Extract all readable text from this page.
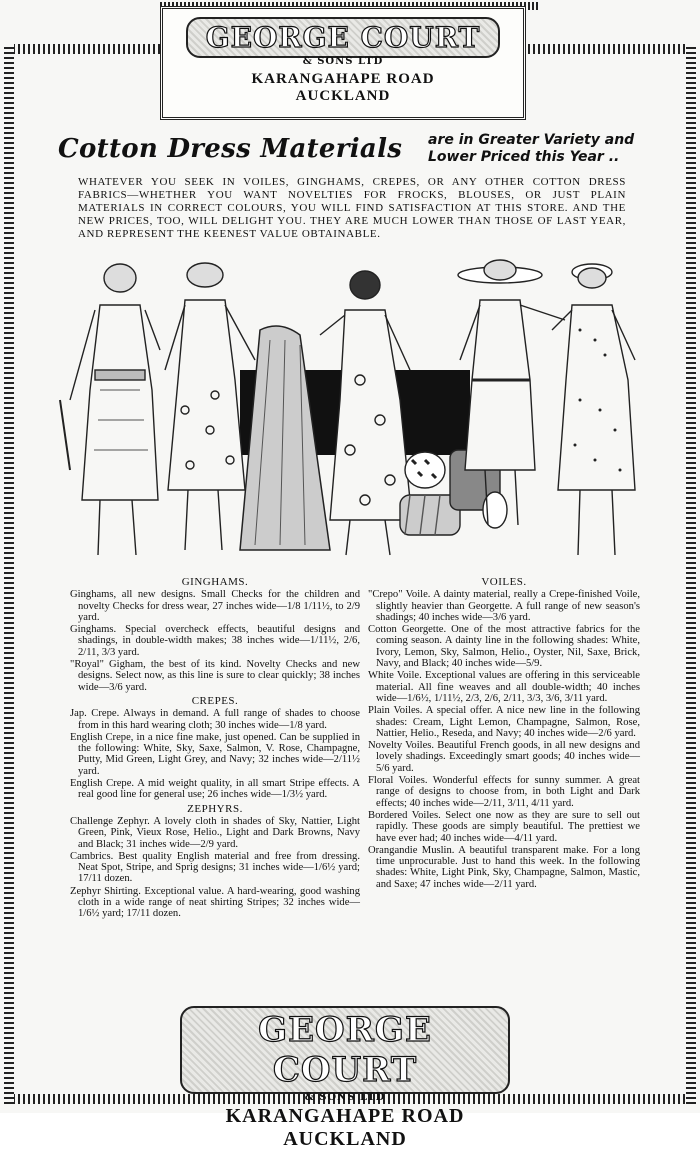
GEORGE COURT
& SONS LTD
KARANGAHAPE ROAD
AUCKLAND
Cotton Dress Materials are in Greater Variety and Lower Priced this Year ..
WHATEVER YOU SEEK IN VOILES, GINGHAMS, CREPES, OR ANY OTHER COTTON DRESS FABRICS—WHETHER YOU WANT NOVELTIES FOR FROCKS, BLOUSES, OR JUST PLAIN MATERIALS IN CORRECT COLOURS, YOU WILL FIND SATISFACTION AT THIS STORE. AND THE NEW PRICES, TOO, WILL DELIGHT YOU. THEY ARE MUCH LOWER THAN THOSE OF LAST YEAR, AND REPRESENT THE KEENEST VALUE OBTAINABLE.
GINGHAMS.
Ginghams, all new designs. Small Checks for the children and novelty Checks for dress wear, 27 inches wide—1/8 1/11½, to 2/9 yard.
Ginghams. Special overcheck effects, beautiful designs and shadings, in double-width makes; 38 inches wide—1/11½, 2/6, 2/11, 3/3 yard.
"Royal" Gigham, the best of its kind. Novelty Checks and new designs. Select now, as this line is sure to clear quickly; 38 inches wide—3/6 yard.
CREPES.
Jap. Crepe. Always in demand. A full range of shades to choose from in this hard wearing cloth; 30 inches wide—1/8 yard.
English Crepe, in a nice fine make, just opened. Can be supplied in the following: White, Sky, Saxe, Salmon, V. Rose, Champagne, Putty, Mid Green, Light Grey, and Navy; 32 inches wide—2/11½ yard.
English Crepe. A mid weight quality, in all smart Stripe effects. A real good line for general use; 26 inches wide—1/3½ yard.
ZEPHYRS.
Challenge Zephyr. A lovely cloth in shades of Sky, Nattier, Light Green, Pink, Vieux Rose, Helio., Light and Dark Browns, Navy and Black; 31 inches wide—2/9 yard.
Cambrics. Best quality English material and free from dressing. Neat Spot, Stripe, and Sprig designs; 31 inches wide—1/6½ yard; 17/11 dozen.
Zephyr Shirting. Exceptional value. A hard-wearing, good washing cloth in a wide range of neat shirting Stripes; 32 inches wide—1/6½ yard; 17/11 dozen.
VOILES.
"Crepo" Voile. A dainty material, really a Crepe-finished Voile, slightly heavier than Georgette. A full range of new season's shadings; 40 inches wide—3/6 yard.
Cotton Georgette. One of the most attractive fabrics for the coming season. A dainty line in the following shades: White, Ivory, Lemon, Sky, Salmon, Helio., Oyster, Nil, Saxe, Brick, Navy, and Black; 40 inches wide—5/9.
White Voile. Exceptional values are offering in this serviceable material. All fine weaves and all double-width; 40 inches wide—1/6½, 1/11½, 2/3, 2/6, 2/11, 3/3, 3/6, 3/11 yard.
Plain Voiles. A special offer. A nice new line in the following shades: Cream, Light Lemon, Champagne, Salmon, Rose, Nattier, Helio., Reseda, and Navy; 40 inches wide—2/6 yard.
Novelty Voiles. Beautiful French goods, in all new designs and lovely shadings. Exceedingly smart goods; 40 inches wide—5/6 yard.
Floral Voiles. Wonderful effects for sunny summer. A great range of designs to choose from, in both Light and Dark effects; 40 inches wide—2/11, 3/11, 4/11 yard.
Bordered Voiles. Select one now as they are sure to sell out rapidly. These goods are simply beautiful. The prettiest we have ever had; 40 inches wide—4/11 yard.
Orangandie Muslin. A beautiful transparent make. For a long time unprocurable. Just to hand this week. In the following shades: White, Light Pink, Sky, Champagne, Salmon, Mastic, and Saxe; 47 inches wide—2/11 yard.
GEORGE COURT
& SONS LTD
KARANGAHAPE ROAD
AUCKLAND
